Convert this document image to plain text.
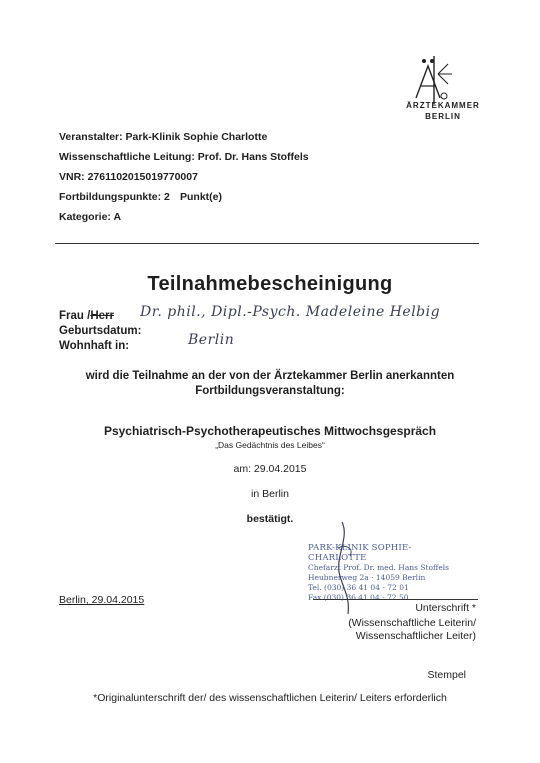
ÄRZTEKAMMER
BERLIN
Veranstalter: Park-Klinik Sophie Charlotte
Wissenschaftliche Leitung: Prof. Dr. Hans Stoffels
VNR: 2761102015019770007
Fortbildungspunkte: 2 Punkt(e)
Kategorie: A
Teilnahmebescheinigung
Frau /Herr Dr. phil., Dipl.-Psych. Madeleine Helbig
Geburtsdatum:
Wohnhaft in:	Berlin
wird die Teilnahme an der von der Ärztekammer Berlin anerkannten
Fortbildungsveranstaltung:
Psychiatrisch-Psychotherapeutisches Mittwochsgespräch
„Das Gedächtnis des Leibes“
am: 29.04.2015
in Berlin
bestätigt.
PARK-KLINIK SOPHIE-CHARLOTTE
Chefarzt Prof. Dr. med. Hans Stoffels
Heubnerweg 2a · 14059 Berlin
Tel. (030) 36 41 04 - 72 01
Fax (030) 36 41 04 - 72 50
Berlin, 29.04.2015
Unterschrift *
(Wissenschaftliche Leiterin/
Wissenschaftlicher Leiter)
Stempel
*Originalunterschrift der/ des wissenschaftlichen Leiterin/ Leiters erforderlich
